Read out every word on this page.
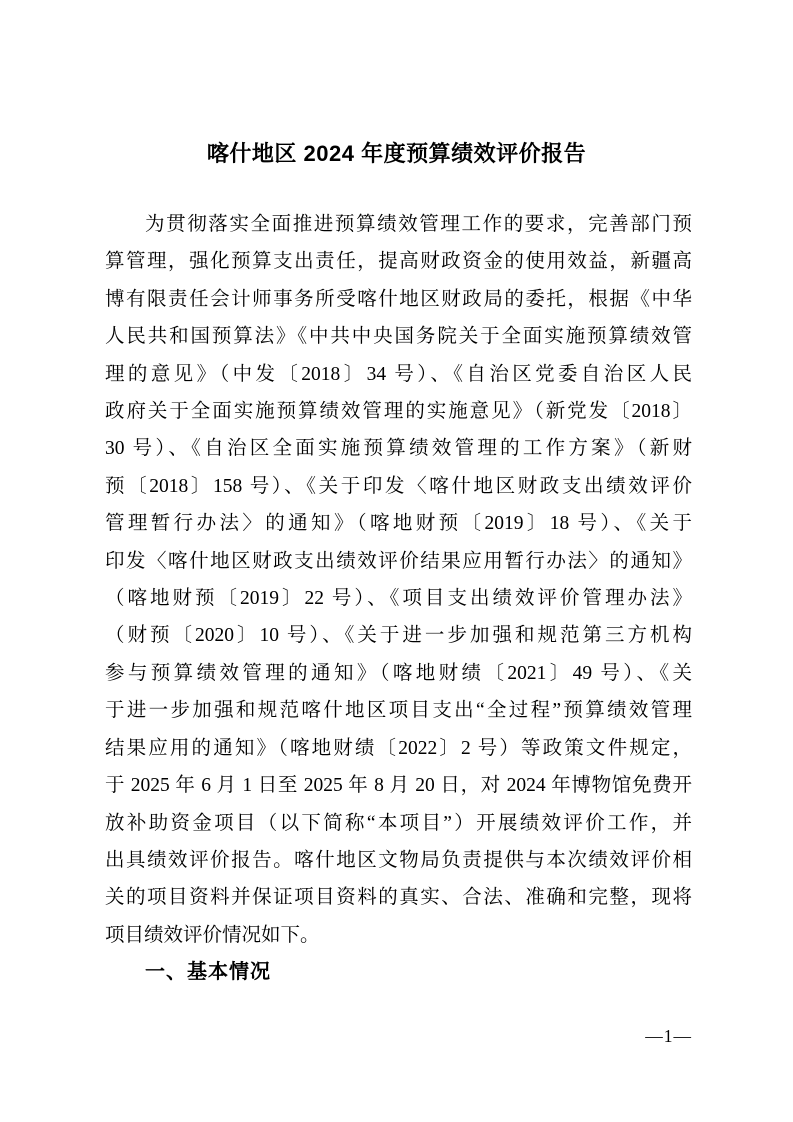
喀什地区 2024 年度预算绩效评价报告
为贯彻落实全面推进预算绩效管理工作的要求，完善部门预
算管理，强化预算支出责任，提高财政资金的使用效益，新疆高
博有限责任会计师事务所受喀什地区财政局的委托，根据《中华
人民共和国预算法》《中共中央国务院关于全面实施预算绩效管
理的意见》（中发〔2018〕34 号）、《自治区党委自治区人民
政府关于全面实施预算绩效管理的实施意见》（新党发〔2018〕
30 号）、《自治区全面实施预算绩效管理的工作方案》（新财
预〔2018〕158 号）、《关于印发〈喀什地区财政支出绩效评价
管理暂行办法〉的通知》（喀地财预〔2019〕18 号）、《关于
印发〈喀什地区财政支出绩效评价结果应用暂行办法〉的通知》
（喀地财预〔2019〕22 号）、《项目支出绩效评价管理办法》
（财预〔2020〕10 号）、《关于进一步加强和规范第三方机构
参与预算绩效管理的通知》（喀地财绩〔2021〕49 号）、《关
于进一步加强和规范喀什地区项目支出“全过程”预算绩效管理
结果应用的通知》（喀地财绩〔2022〕2 号）等政策文件规定，
于 2025 年 6 月 1 日至 2025 年 8 月 20 日，对 2024 年博物馆免费开
放补助资金项目（以下简称“本项目”）开展绩效评价工作，并
出具绩效评价报告。喀什地区文物局负责提供与本次绩效评价相
关的项目资料并保证项目资料的真实、合法、准确和完整，现将
项目绩效评价情况如下。
一、基本情况
—1—
